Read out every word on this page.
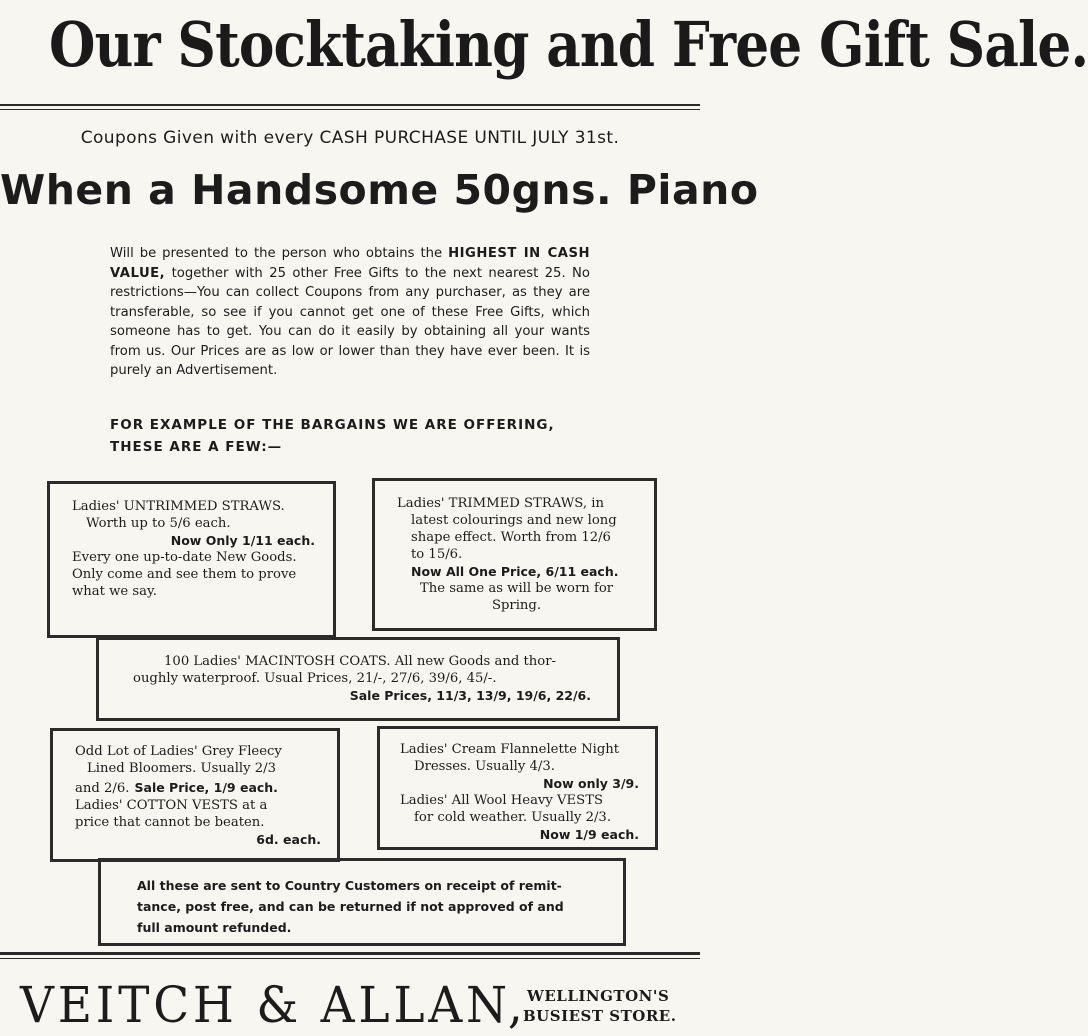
Our Stocktaking and Free Gift Sale.
Coupons Given with every CASH PURCHASE UNTIL JULY 31st.
When a Handsome 50gns. Piano
Will be presented to the person who obtains the HIGHEST IN CASH VALUE, together with 25 other Free Gifts to the next nearest 25. No restrictions—You can collect Coupons from any purchaser, as they are transferable, so see if you cannot get one of these Free Gifts, which someone has to get. You can do it easily by obtaining all your wants from us. Our Prices are as low or lower than they have ever been. It is purely an Advertisement.
FOR EXAMPLE OF THE BARGAINS WE ARE OFFERING, THESE ARE A FEW:—

Ladies' UNTRIMMED STRAWS.

Worth up to 5/6 each.

Now Only 1/11 each.

Every one up-to-date New Goods.

Only come and see them to prove

what we say.

Ladies' TRIMMED STRAWS, in

latest colourings and new long

shape effect. Worth from 12/6

to 15/6.

Now All One Price, 6/11 each.

The same as will be worn for

Spring.

100 Ladies' MACINTOSH COATS. All new Goods and thor-

oughly waterproof. Usual Prices, 21/-, 27/6, 39/6, 45/-.

Sale Prices, 11/3, 13/9, 19/6, 22/6.

Odd Lot of Ladies' Grey Fleecy

Lined Bloomers. Usually 2/3

and 2/6. Sale Price, 1/9 each.

Ladies' COTTON VESTS at a

price that cannot be beaten.

6d. each.

Ladies' Cream Flannelette Night

Dresses. Usually 4/3.

Now only 3/9.

Ladies' All Wool Heavy VESTS

for cold weather. Usually 2/3.

Now 1/9 each.

All these are sent to Country Customers on receipt of remit-

tance, post free, and can be returned if not approved of and

full amount refunded.

VEITCH & ALLAN, WELLINGTON'S
BUSIEST STORE.
